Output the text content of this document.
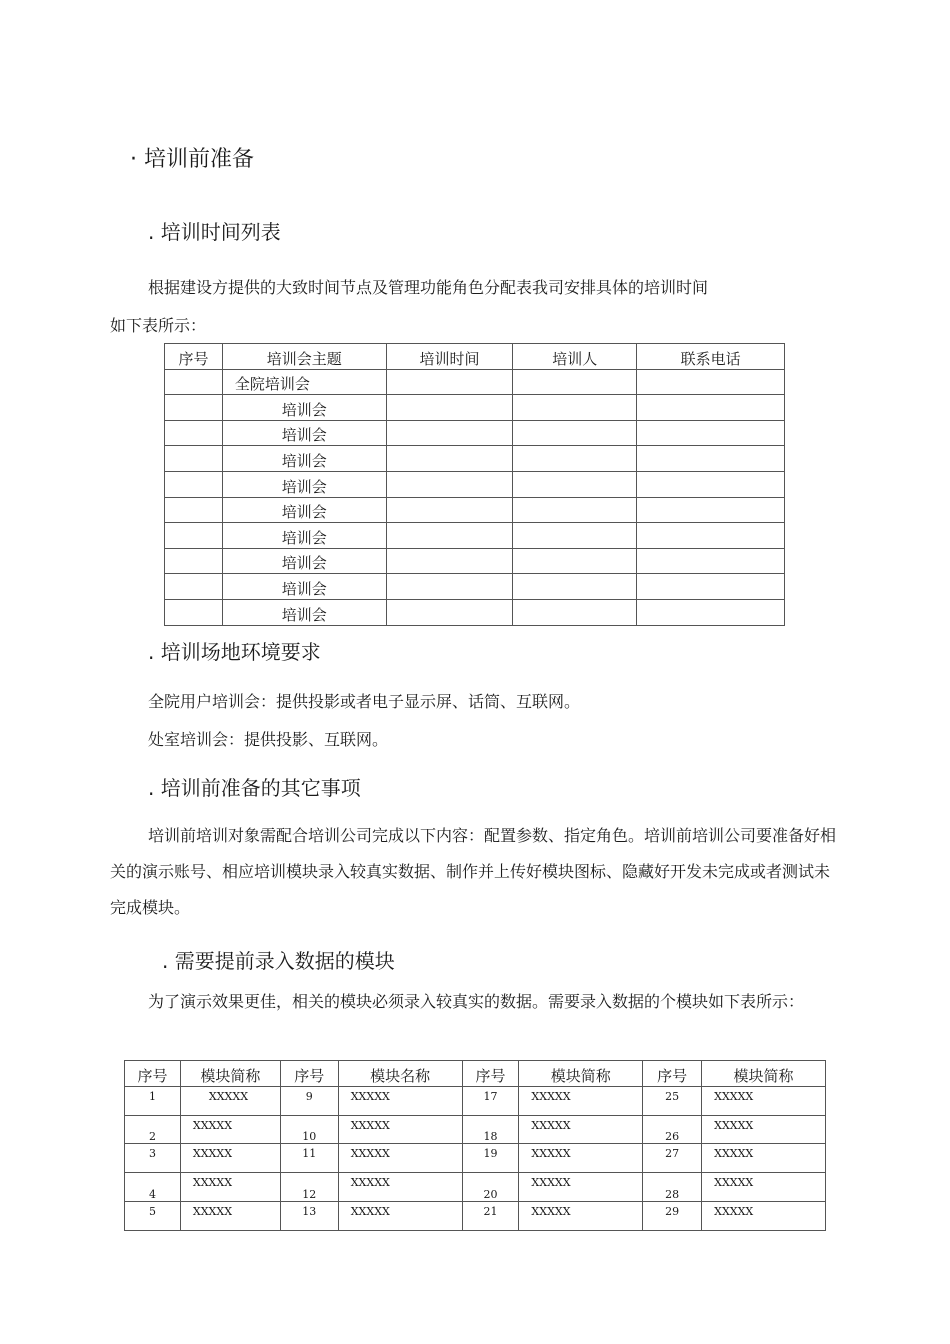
· 培训前准备
. 培训时间列表
根据建设方提供的大致时间节点及管理功能角色分配表我司安排具体的培训时间
如下表所示：
序号	培训会主题	培训时间	培训人	联系电话
	全院培训会			
	培训会			
	培训会			
	培训会			
	培训会			
	培训会			
	培训会			
	培训会			
	培训会			
	培训会			
. 培训场地环境要求
全院用户培训会：提供投影或者电子显示屏、话筒、互联网。
处室培训会：提供投影、互联网。
. 培训前准备的其它事项
培训前培训对象需配合培训公司完成以下内容：配置参数、指定角色。培训前培训公司要准备好相关的演示账号、相应培训模块录入较真实数据、制作并上传好模块图标、隐藏好开发未完成或者测试未完成模块。
. 需要提前录入数据的模块
为了演示效果更佳，相关的模块必须录入较真实的数据。需要录入数据的个模块如下表所示：
序号	模块简称	序号	模块名称	序号	模块简称	序号	模块简称
1	XXXXX	9	XXXXX	17	XXXXX	25	XXXXX
2	XXXXX	10	XXXXX	18	XXXXX	26	XXXXX
3	XXXXX	11	XXXXX	19	XXXXX	27	XXXXX
4	XXXXX	12	XXXXX	20	XXXXX	28	XXXXX
5	XXXXX	13	XXXXX	21	XXXXX	29	XXXXX
